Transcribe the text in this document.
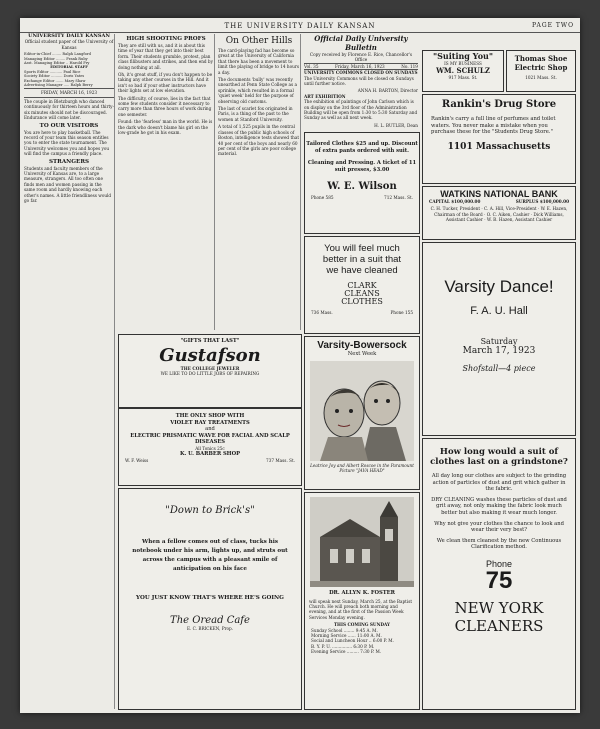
THE UNIVERSITY DAILY KANSAN	PAGE TWO
UNIVERSITY DAILY KANSAN
Official student paper of the University of Kansas
Editor-in-Chief ........ Ralph Langford
Managing Editor ........ Frank Ruby
Asst. Managing Editor .. Harold Fry
EDITORIAL STAFF
Sports Editor ........... Paul Rice
Society Editor .......... Doris Yates
Exchange Editor ....... Mary Shaw
Advertising Manager ..... Ralph Berry
FRIDAY, MARCH 16, 1923

The couple in Bletzburgh who danced continuously for thirteen hours and thirty-six minutes should not be discouraged. Endurance will come later.

TO OUR VISITORS

You are here to play basketball. The record of your team this season entitles you to enter the state tournament. The University welcomes you and hopes you will find the campus a friendly place.

STRANGERS

Students and faculty members of the University of Kansas are, to a large measure, strangers. All too often one finds men and women passing in the same room and hardly knowing each other's names. A little friendliness would go far.

HIGH SHOOTING PROFS

They are still with us, and it is about this time of year that they get into their best form. Their students grumble, protest, plan class filibusters and strikes, and then end by doing nothing at all.

Oh, it's great stuff, if you don't happen to be taking any other courses in the Hill. And it isn't so bad if your other instructors have their lights set at low elevation.

The difficulty, of course, lies in the fact that some few students consider it necessary to carry more than three hours of work during one semester.

Found: the 'fearless' man in the world. He is the dark who doesn't blame his girl on the low-grade he got in his exam.

On Other Hills

The card-playing fad has become so great at the University of California that there has been a movement to limit the playing of bridge to 14 hours a day.

The documents 'bully' was recently unearthed at Penn State College as a sprinkle, which resulted in a formal 'quiet week' held for the purpose of observing old customs.

The last of scarlet fox originated in Paris, is a thing of the past to the women at Stanford University.

A total of 1,525 pupils in the central classes of the public high schools of Boston, intelligence tests showed that 40 per cent of the boys and nearly 60 per cent of the girls are poor college material.

Official Daily University Bulletin
Copy received by Florence E. Rice, Chancellor's Office
Vol. 35	Friday, March 16, 1923	No. 119
UNIVERSITY COMMONS CLOSED ON SUNDAYS

The University Commons will be closed on Sundays until further notice.

ANNA H. BARTON, Director
ART EXHIBITION

The exhibition of paintings of John Carlson which is on display on the 3rd floor of the Administration Building will be open from 1:30 to 5:30 Saturday and Sunday as well as all next week.

H. L. BUTLER, Dean
"Suiting You"
IS MY BUSINESS
WM. SCHULZ
917 Mass. St.
Thomas Shoe
Electric Shop
1021 Mass. St.
Rankin's Drug Store

Rankin's carry a full line of perfumes and toilet waters. You never make a mistake when you purchase these for the "Students Drug Store."

1101 Massachusetts

Tailored Clothes $25 and up. Discount of extra pants ordered with suit.

Cleaning and Pressing. A ticket of 11 suit presses, $3.00

W. E. Wilson
Phone 585	712 Mass. St.	WATKINS NATIONAL BANK
CAPITAL $100,000.00	SURPLUS $100,000.00

C. H. Tucker, President · C. A. Hill, Vice-President · W. E. Hazen, Chairman of the Board · O. C. Aiken, Cashier · Dick Williams, Assistant Cashier · W. B. Hazen, Assistant Cashier

You will feel much
better in a suit that
we have cleaned
CLARK
CLEANS
CLOTHES
736 Mass.	Phone 155
Varsity Dance!
F. A. U. Hall
Saturday
March 17, 1923
Shofstall—4 piece
"GIFTS THAT LAST"
Gustafson
THE COLLEGE JEWELER
WE LIKE TO DO LITTLE JOBS OF REPAIRING
THE ONLY SHOP WITH
VIOLET RAY TREATMENTS
and
ELECTRIC PRISMATIC WAVE FOR FACIAL AND SCALP DISEASES
All Tonics 25c
K. U. BARBER SHOP
W. F. Weiss	737 Mass. St.
Varsity-Bowersock
Next Week
Leatrice Joy and Albert Roscoe in the Paramount Picture "JAVA HEAD"
"Down to Brick's"

When a fellow comes out of class, tucks his notebook under his arm, lights up, and struts out across the campus with a pleasant smile of anticipation on his face

YOU JUST KNOW THAT'S WHERE HE'S GOING

The Oread Cafe
E. C. BRICKEN, Prop.
DR. ALLYN K. FOSTER

will speak next Sunday, March 25, at the Baptist Church. He will preach both morning and evening, and at the first of the Passion Week Services Monday evening.

THIS COMING SUNDAY
Sunday School ........ 9:45 A. M.
Morning Service ...... 11:00 A. M.
Social and Luncheon Hour .. 6:00 P. M.
B. Y. P. U. ............... 6:30 P. M.
Evening Service ......... 7:30 P. M.
How long would a suit of clothes last on a grindstone?

All day long our clothes are subject to the grinding action of particles of dust and grit which gather in the fabric.

DRY CLEANING washes these particles of dust and grit away, not only making the fabric look much better but also making it wear much longer.

Why not give your clothes the chance to look and wear their very best?

We clean them cleanest by the new Continuous Clarification method.

Phone
75
NEW YORK
CLEANERS
